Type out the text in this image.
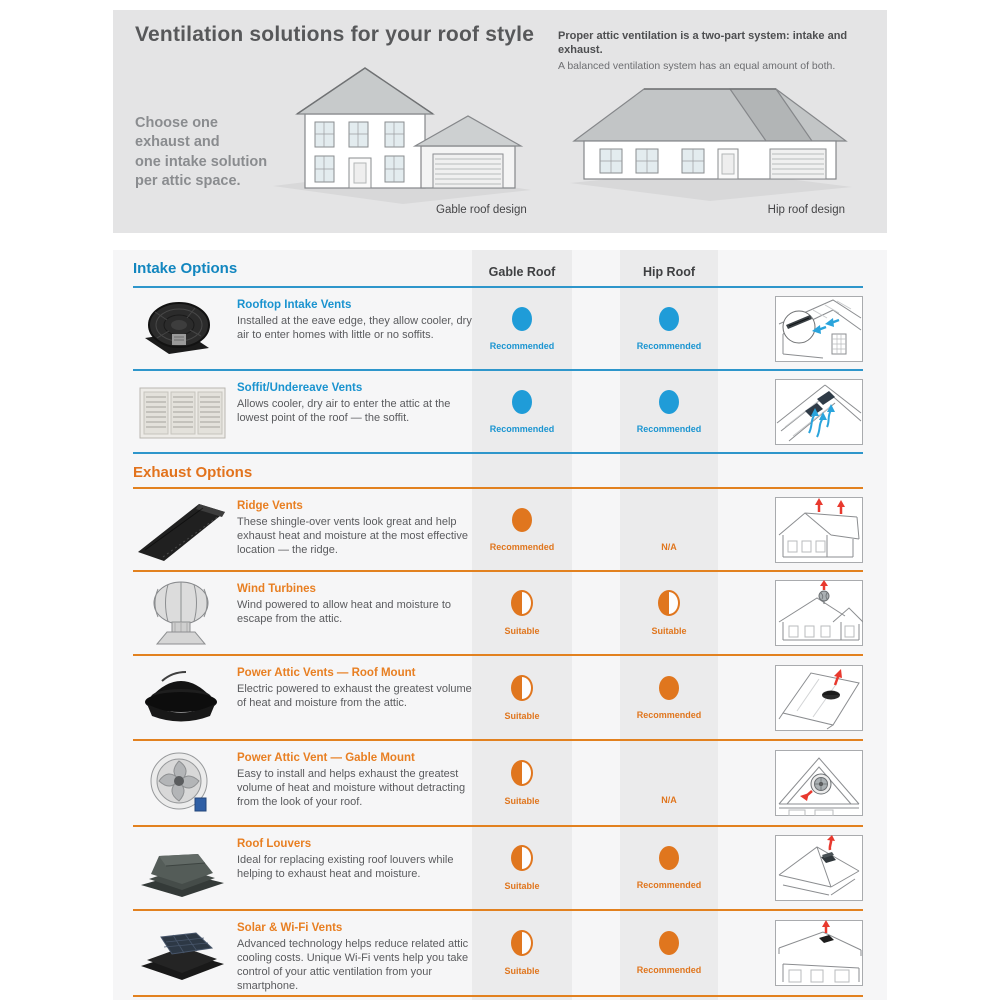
Ventilation solutions for your roof style Proper attic ventilation is a two-part system: intake and exhaust.
A balanced ventilation system has an equal amount of both.
Choose one
exhaust and
one intake solution
per attic space.
Gable roof design	Hip roof design
Gable Roof	Hip Roof
Intake Options
Rooftop Intake Vents
Installed at the eave edge, they allow cooler, dry air to enter homes with little or no soffits.
Recommended	Recommended
Soffit/Undereave Vents
Allows cooler, dry air to enter the attic at the lowest point of the roof — the soffit.
Recommended	Recommended
Exhaust Options
Ridge Vents
These shingle-over vents look great and help exhaust heat and moisture at the most effective location — the ridge.	Recommended	N/A
Wind Turbines
Wind powered to allow heat and moisture to escape from the attic.
Suitable	Suitable
Power Attic Vents — Roof Mount
Electric powered to exhaust the greatest volume of heat and moisture from the attic.
Suitable	Recommended
Power Attic Vent — Gable Mount
Easy to install and helps exhaust the greatest volume of heat and moisture without detracting from the look of your roof.	Suitable	N/A
Roof Louvers
Ideal for replacing existing roof louvers while helping to exhaust heat and moisture.
Suitable	Recommended
Solar & Wi-Fi Vents
Advanced technology helps reduce related attic cooling costs. Unique Wi-Fi vents help you take control of your attic ventilation from your smartphone.
Suitable	Recommended
